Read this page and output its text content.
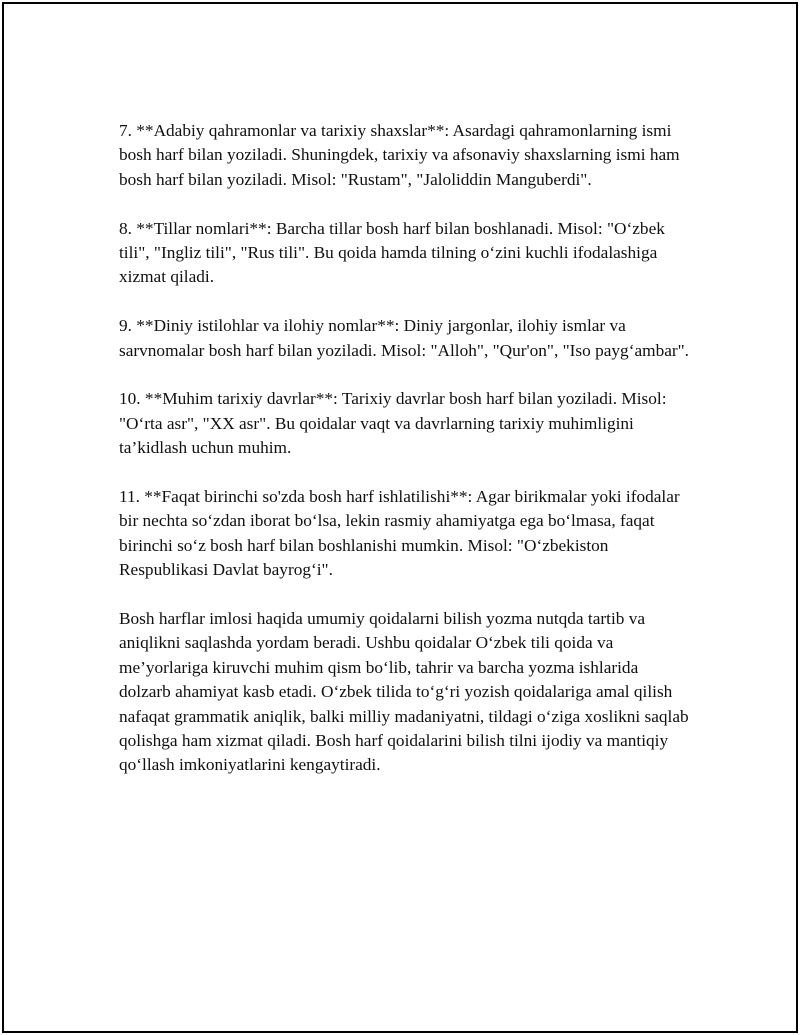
7. **Adabiy qahramonlar va tarixiy shaxslar**: Asardagi qahramonlarning ismi bosh harf bilan yoziladi. Shuningdek, tarixiy va afsonaviy shaxslarning ismi ham bosh harf bilan yoziladi. Misol: "Rustam", "Jaloliddin Manguberdi".

8. **Tillar nomlari**: Barcha tillar bosh harf bilan boshlanadi. Misol: "O‘zbek tili", "Ingliz tili", "Rus tili". Bu qoida hamda tilning o‘zini kuchli ifodalashiga xizmat qiladi.

9. **Diniy istilohlar va ilohiy nomlar**: Diniy jargonlar, ilohiy ismlar va sarvnomalar bosh harf bilan yoziladi. Misol: "Alloh", "Qur'on", "Iso payg‘ambar".

10. **Muhim tarixiy davrlar**: Tarixiy davrlar bosh harf bilan yoziladi. Misol: "O‘rta asr", "XX asr". Bu qoidalar vaqt va davrlarning tarixiy muhimligini ta’kidlash uchun muhim.

11. **Faqat birinchi so'zda bosh harf ishlatilishi**: Agar birikmalar yoki ifodalar bir nechta so‘zdan iborat bo‘lsa, lekin rasmiy ahamiyatga ega bo‘lmasa, faqat birinchi so‘z bosh harf bilan boshlanishi mumkin. Misol: "O‘zbekiston Respublikasi Davlat bayrog‘i".

Bosh harflar imlosi haqida umumiy qoidalarni bilish yozma nutqda tartib va aniqlikni saqlashda yordam beradi. Ushbu qoidalar O‘zbek tili qoida va me’yorlariga kiruvchi muhim qism bo‘lib, tahrir va barcha yozma ishlarida dolzarb ahamiyat kasb etadi. O‘zbek tilida to‘g‘ri yozish qoidalariga amal qilish nafaqat grammatik aniqlik, balki milliy madaniyatni, tildagi o‘ziga xoslikni saqlab qolishga ham xizmat qiladi. Bosh harf qoidalarini bilish tilni ijodiy va mantiqiy qo‘llash imkoniyatlarini kengaytiradi.
